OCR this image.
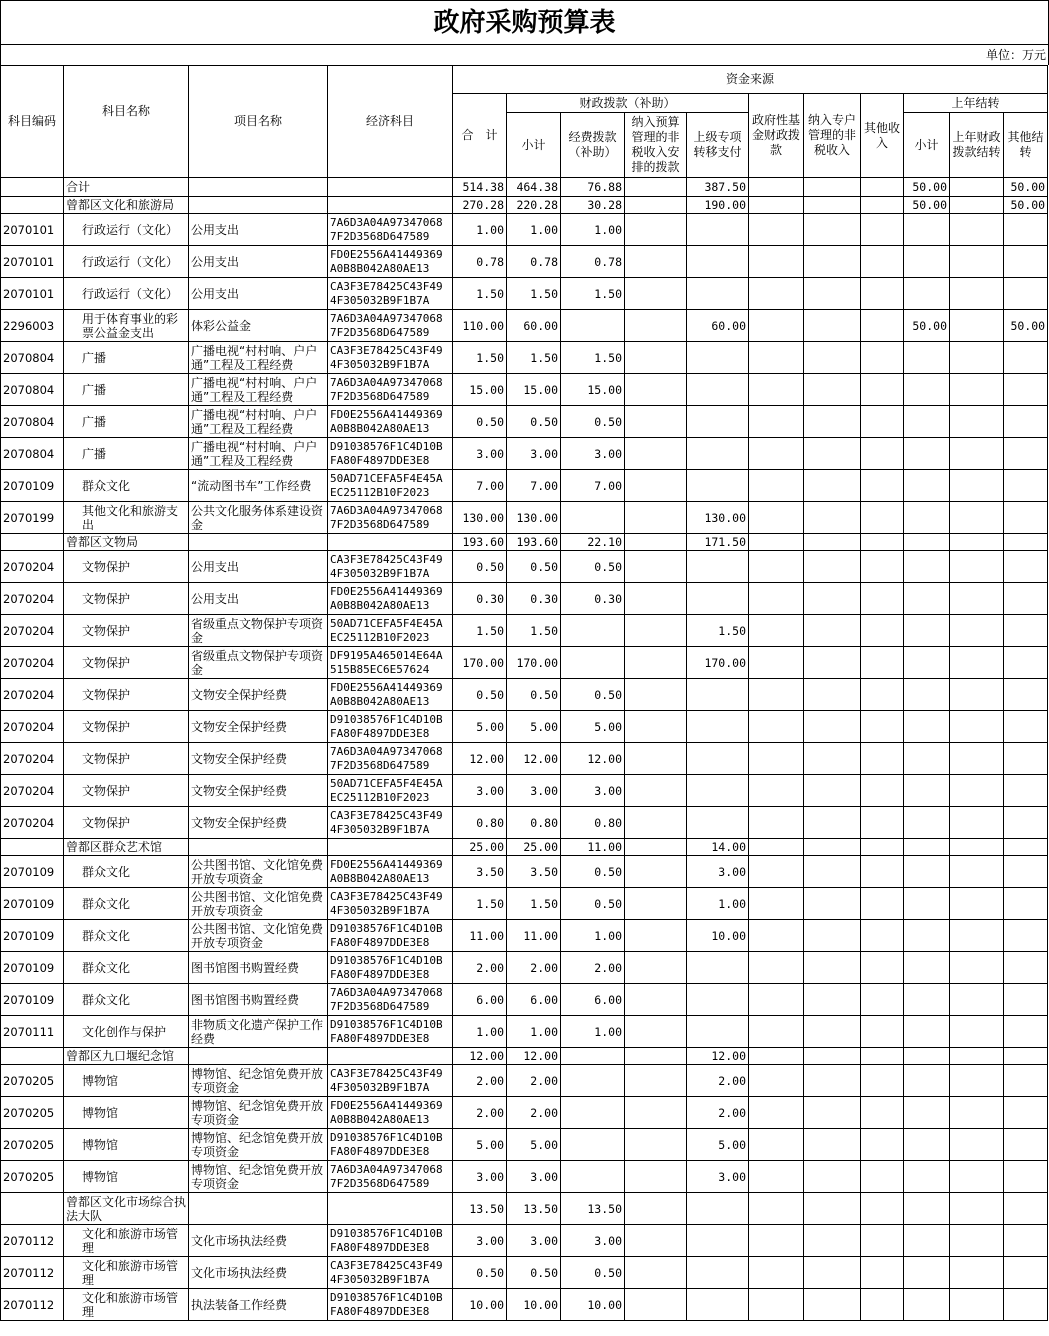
政府采购预算表
单位：万元
科目编码	科目名称	项目名称	经济科目	资金来源										
				合　计	财政拨款（补助）				政府性基金财政拨款	纳入专户管理的非税收入	其他收入	上年结转		
					小计	经费拨款（补助）	纳入预算管理的非税收入安排的拨款	上级专项转移支付				小计	上年财政拨款结转	其他结转
	合计			514.38	464.38	76.88		387.50				50.00		50.00
	曾都区文化和旅游局			270.28	220.28	30.28		190.00				50.00		50.00
2070101	行政运行（文化）	公用支出	7A6D3A04A97347068 7F2D3568D647589	1.00	1.00	1.00								
2070101	行政运行（文化）	公用支出	FD0E2556A41449369 A0B8B042A80AE13	0.78	0.78	0.78								
2070101	行政运行（文化）	公用支出	CA3F3E78425C43F49 4F305032B9F1B7A	1.50	1.50	1.50								
2296003	用于体育事业的彩票公益金支出	体彩公益金	7A6D3A04A97347068 7F2D3568D647589	110.00	60.00			60.00				50.00		50.00
2070804	广播	广播电视“村村响、户户通”工程及工程经费	CA3F3E78425C43F49 4F305032B9F1B7A	1.50	1.50	1.50								
2070804	广播	广播电视“村村响、户户通”工程及工程经费	7A6D3A04A97347068 7F2D3568D647589	15.00	15.00	15.00								
2070804	广播	广播电视“村村响、户户通”工程及工程经费	FD0E2556A41449369 A0B8B042A80AE13	0.50	0.50	0.50								
2070804	广播	广播电视“村村响、户户通”工程及工程经费	D91038576F1C4D10B FA80F4897DDE3E8	3.00	3.00	3.00								
2070109	群众文化	“流动图书车”工作经费	50AD71CEFA5F4E45A EC25112B10F2023	7.00	7.00	7.00								
2070199	其他文化和旅游支出	公共文化服务体系建设资金	7A6D3A04A97347068 7F2D3568D647589	130.00	130.00			130.00						
	曾都区文物局			193.60	193.60	22.10		171.50						
2070204	文物保护	公用支出	CA3F3E78425C43F49 4F305032B9F1B7A	0.50	0.50	0.50								
2070204	文物保护	公用支出	FD0E2556A41449369 A0B8B042A80AE13	0.30	0.30	0.30								
2070204	文物保护	省级重点文物保护专项资金	50AD71CEFA5F4E45A EC25112B10F2023	1.50	1.50			1.50						
2070204	文物保护	省级重点文物保护专项资金	DF9195A465014E64A 515B85EC6E57624	170.00	170.00			170.00						
2070204	文物保护	文物安全保护经费	FD0E2556A41449369 A0B8B042A80AE13	0.50	0.50	0.50								
2070204	文物保护	文物安全保护经费	D91038576F1C4D10B FA80F4897DDE3E8	5.00	5.00	5.00								
2070204	文物保护	文物安全保护经费	7A6D3A04A97347068 7F2D3568D647589	12.00	12.00	12.00								
2070204	文物保护	文物安全保护经费	50AD71CEFA5F4E45A EC25112B10F2023	3.00	3.00	3.00								
2070204	文物保护	文物安全保护经费	CA3F3E78425C43F49 4F305032B9F1B7A	0.80	0.80	0.80								
	曾都区群众艺术馆			25.00	25.00	11.00		14.00						
2070109	群众文化	公共图书馆、文化馆免费开放专项资金	FD0E2556A41449369 A0B8B042A80AE13	3.50	3.50	0.50		3.00						
2070109	群众文化	公共图书馆、文化馆免费开放专项资金	CA3F3E78425C43F49 4F305032B9F1B7A	1.50	1.50	0.50		1.00						
2070109	群众文化	公共图书馆、文化馆免费开放专项资金	D91038576F1C4D10B FA80F4897DDE3E8	11.00	11.00	1.00		10.00						
2070109	群众文化	图书馆图书购置经费	D91038576F1C4D10B FA80F4897DDE3E8	2.00	2.00	2.00								
2070109	群众文化	图书馆图书购置经费	7A6D3A04A97347068 7F2D3568D647589	6.00	6.00	6.00								
2070111	文化创作与保护	非物质文化遗产保护工作经费	D91038576F1C4D10B FA80F4897DDE3E8	1.00	1.00	1.00								
	曾都区九口堰纪念馆			12.00	12.00			12.00						
2070205	博物馆	博物馆、纪念馆免费开放专项资金	CA3F3E78425C43F49 4F305032B9F1B7A	2.00	2.00			2.00						
2070205	博物馆	博物馆、纪念馆免费开放专项资金	FD0E2556A41449369 A0B8B042A80AE13	2.00	2.00			2.00						
2070205	博物馆	博物馆、纪念馆免费开放专项资金	D91038576F1C4D10B FA80F4897DDE3E8	5.00	5.00			5.00						
2070205	博物馆	博物馆、纪念馆免费开放专项资金	7A6D3A04A97347068 7F2D3568D647589	3.00	3.00			3.00						
	曾都区文化市场综合执法大队			13.50	13.50	13.50								
2070112	文化和旅游市场管理	文化市场执法经费	D91038576F1C4D10B FA80F4897DDE3E8	3.00	3.00	3.00								
2070112	文化和旅游市场管理	文化市场执法经费	CA3F3E78425C43F49 4F305032B9F1B7A	0.50	0.50	0.50								
2070112	文化和旅游市场管理	执法装备工作经费	D91038576F1C4D10B FA80F4897DDE3E8	10.00	10.00	10.00								
